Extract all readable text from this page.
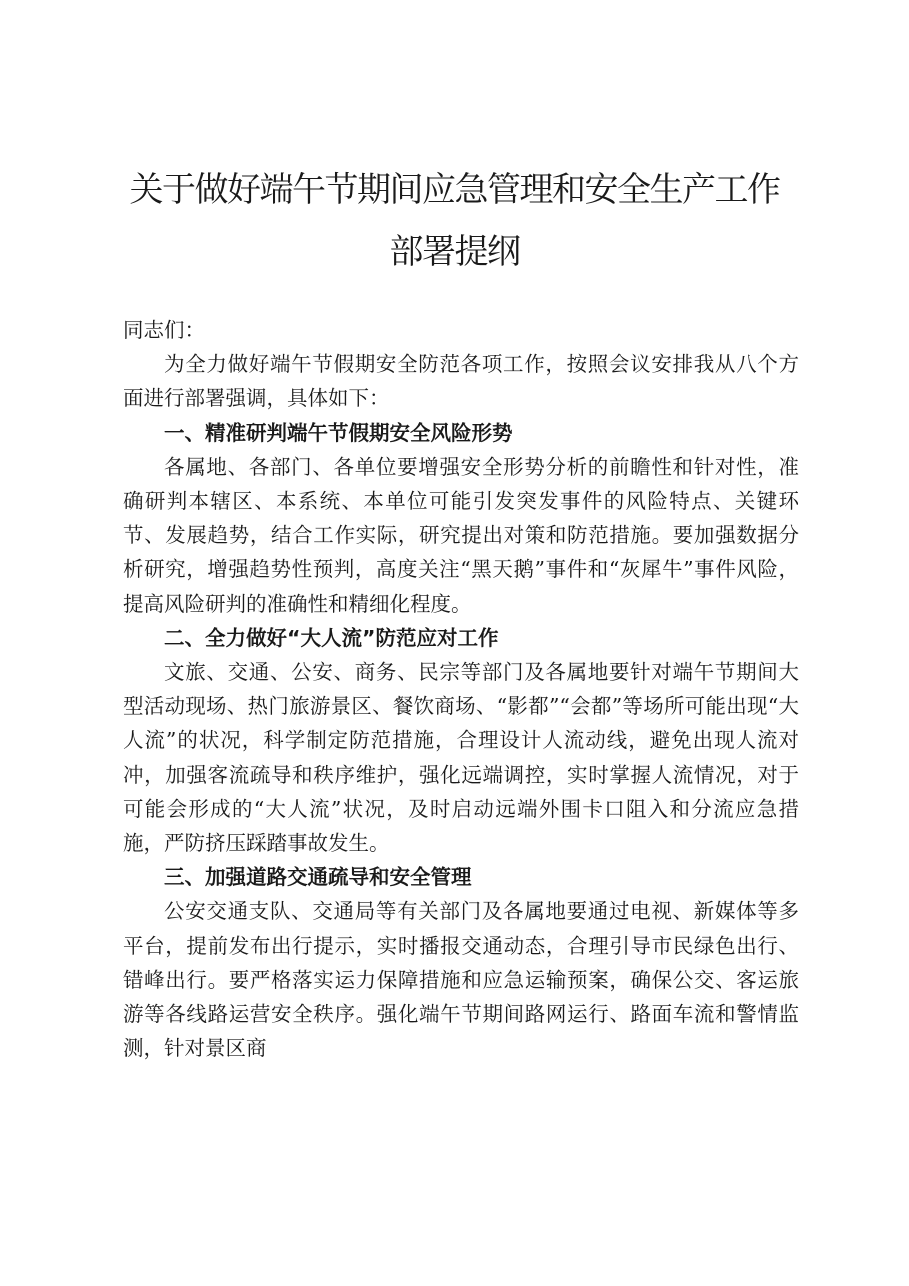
关于做好端午节期间应急管理和安全生产工作
部署提纲

同志们：

为全力做好端午节假期安全防范各项工作，按照会议安排我从八个方面进行部署强调，具体如下：

一、精准研判端午节假期安全风险形势

各属地、各部门、各单位要增强安全形势分析的前瞻性和针对性，准确研判本辖区、本系统、本单位可能引发突发事件的风险特点、关键环节、发展趋势，结合工作实际，研究提出对策和防范措施。要加强数据分析研究，增强趋势性预判，高度关注“黑天鹅”事件和“灰犀牛”事件风险，提高风险研判的准确性和精细化程度。

二、全力做好“大人流”防范应对工作

文旅、交通、公安、商务、民宗等部门及各属地要针对端午节期间大型活动现场、热门旅游景区、餐饮商场、“影都”“会都”等场所可能出现“大人流”的状况，科学制定防范措施，合理设计人流动线，避免出现人流对冲，加强客流疏导和秩序维护，强化远端调控，实时掌握人流情况，对于可能会形成的“大人流”状况，及时启动远端外围卡口阻入和分流应急措施，严防挤压踩踏事故发生。

三、加强道路交通疏导和安全管理

公安交通支队、交通局等有关部门及各属地要通过电视、新媒体等多平台，提前发布出行提示，实时播报交通动态，合理引导市民绿色出行、错峰出行。要严格落实运力保障措施和应急运输预案，确保公交、客运旅游等各线路运营安全秩序。强化端午节期间路网运行、路面车流和警情监测，针对景区商
